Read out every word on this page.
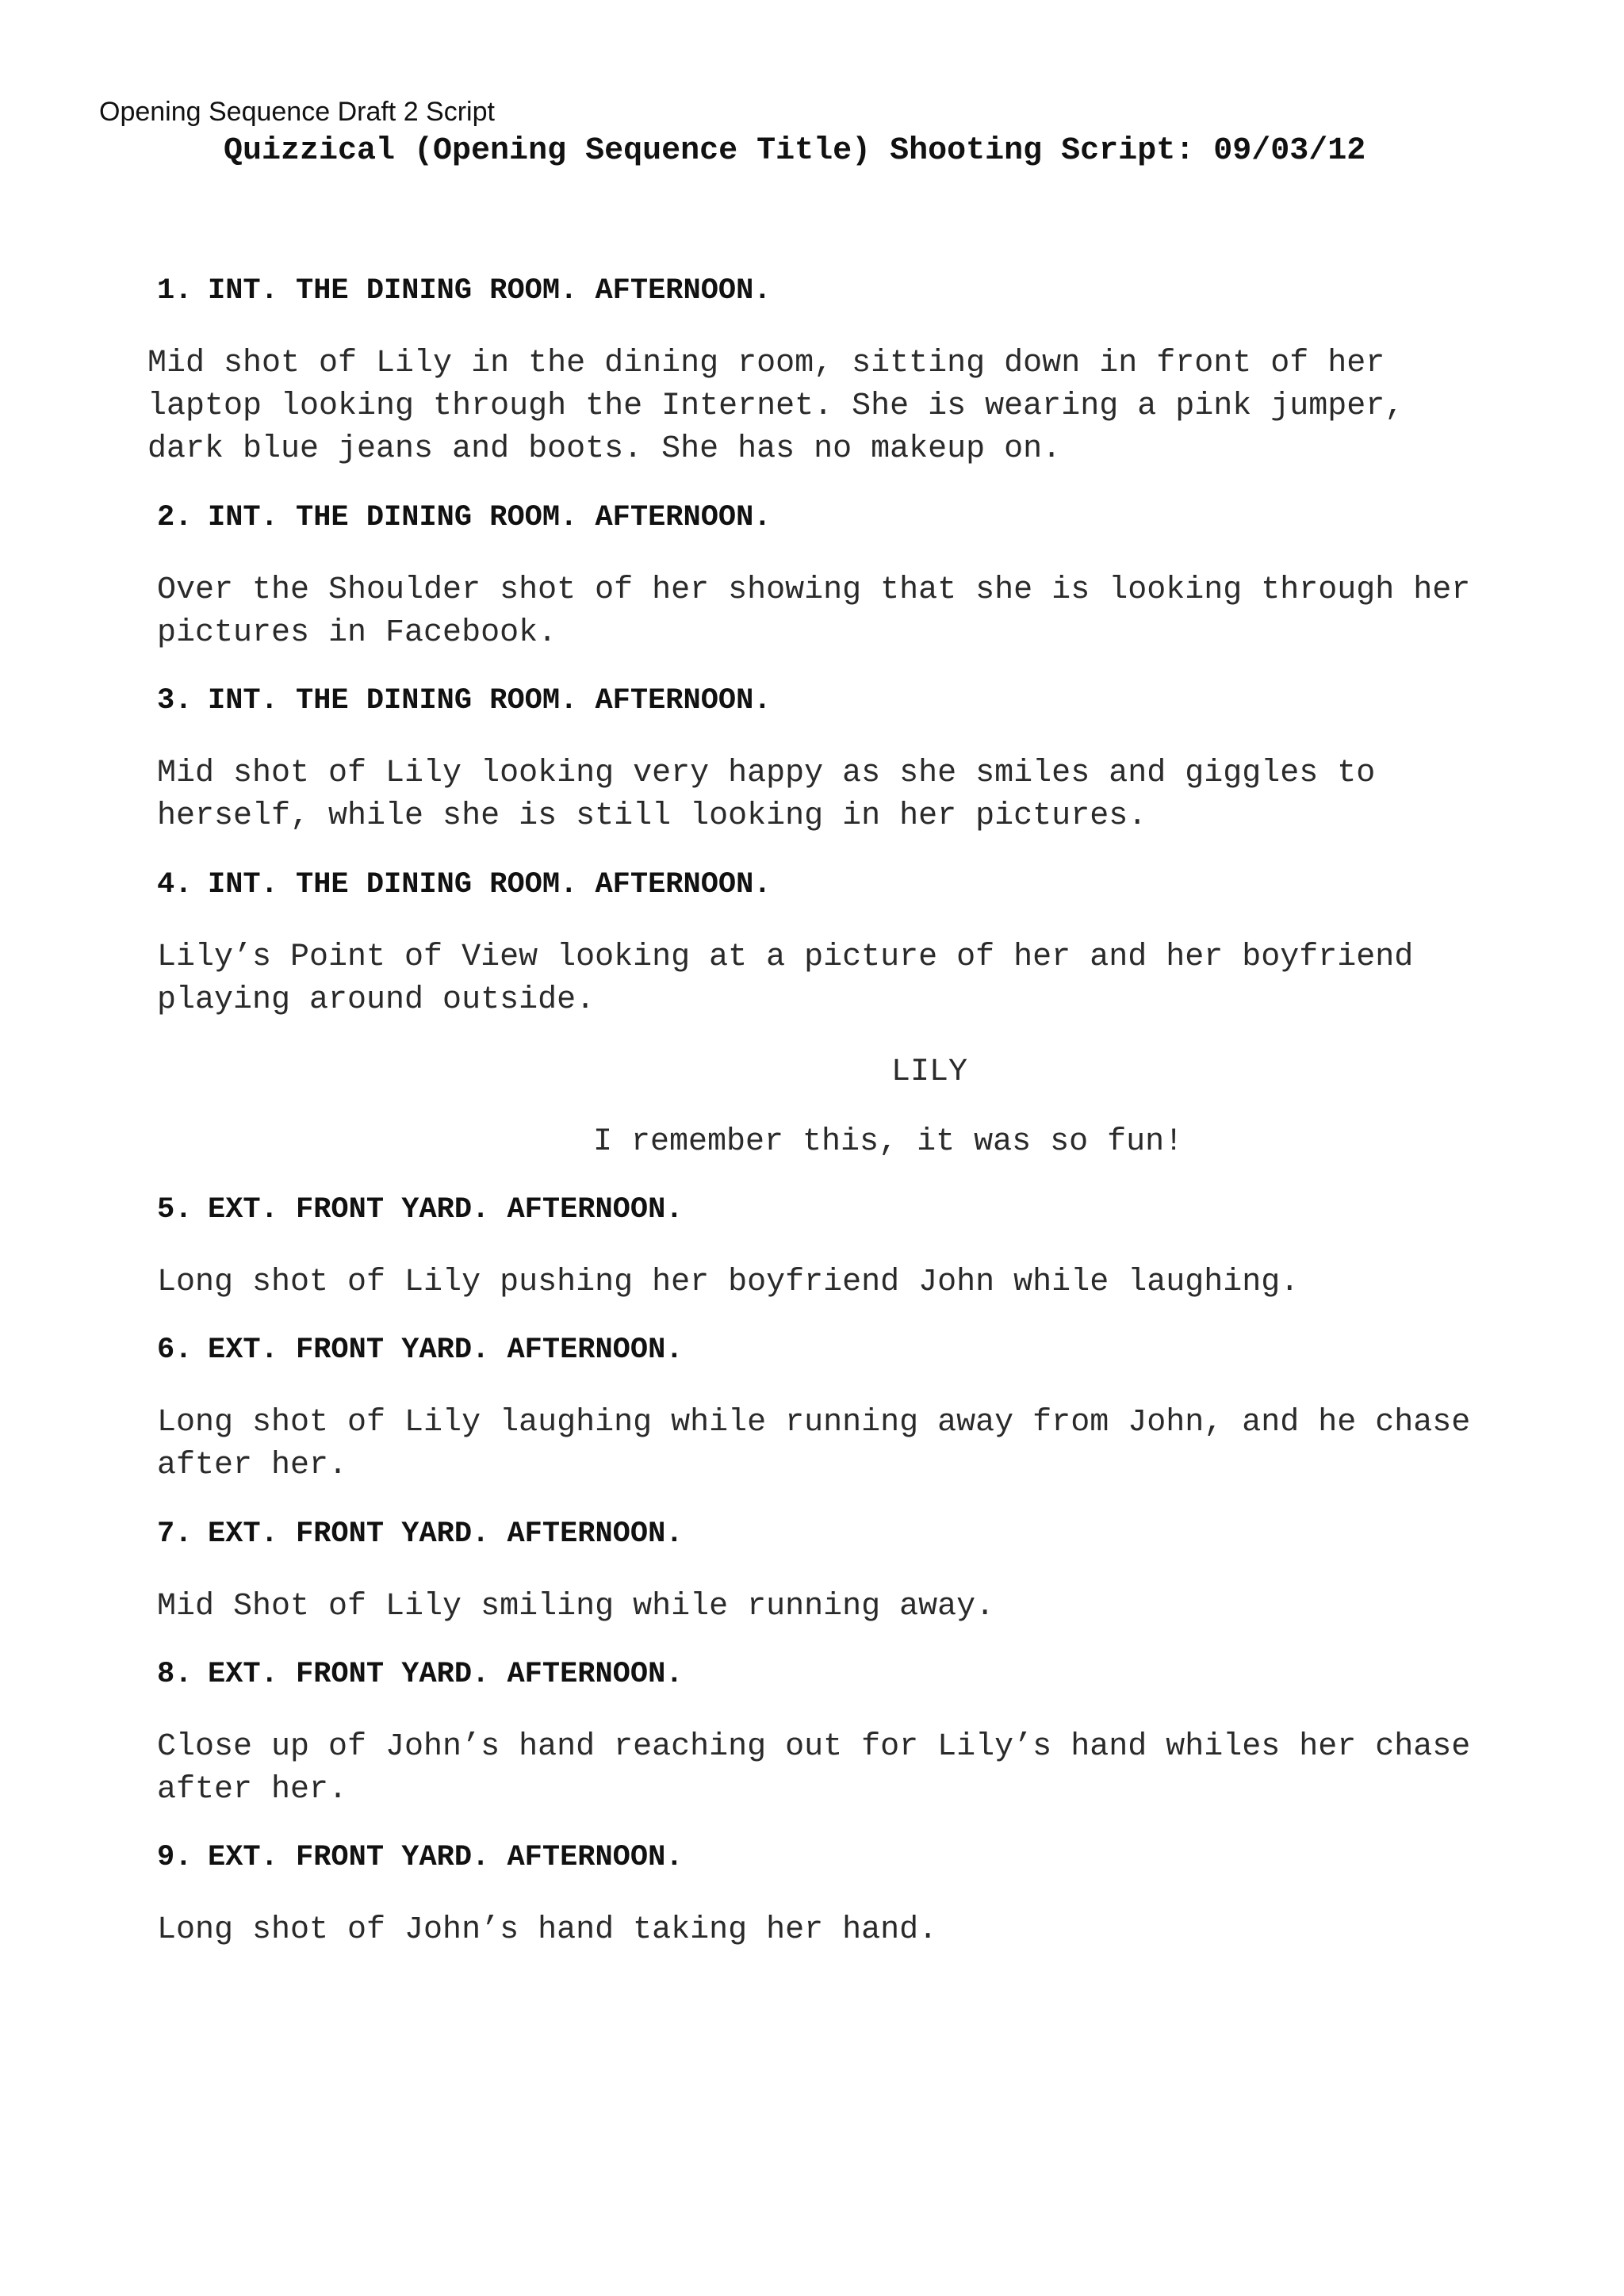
Opening Sequence Draft 2 Script
Quizzical (Opening Sequence Title) Shooting Script: 09/03/12
1. INT. THE DINING ROOM. AFTERNOON.
Mid shot of Lily in the dining room, sitting down in front of her
laptop looking through the Internet. She is wearing a pink jumper,
dark blue jeans and boots. She has no makeup on.
2. INT. THE DINING ROOM. AFTERNOON.
Over the Shoulder shot of her showing that she is looking through her
pictures in Facebook.
3. INT. THE DINING ROOM. AFTERNOON.
Mid shot of Lily looking very happy as she smiles and giggles to
herself, while she is still looking in her pictures.
4. INT. THE DINING ROOM. AFTERNOON.
Lily’s Point of View looking at a picture of her and her boyfriend
playing around outside.
LILY
I remember this, it was so fun!
5. EXT. FRONT YARD. AFTERNOON.
Long shot of Lily pushing her boyfriend John while laughing.
6. EXT. FRONT YARD. AFTERNOON.
Long shot of Lily laughing while running away from John, and he chase
after her.
7. EXT. FRONT YARD. AFTERNOON.
Mid Shot of Lily smiling while running away.
8. EXT. FRONT YARD. AFTERNOON.
Close up of John’s hand reaching out for Lily’s hand whiles her chase
after her.
9. EXT. FRONT YARD. AFTERNOON.
Long shot of John’s hand taking her hand.
